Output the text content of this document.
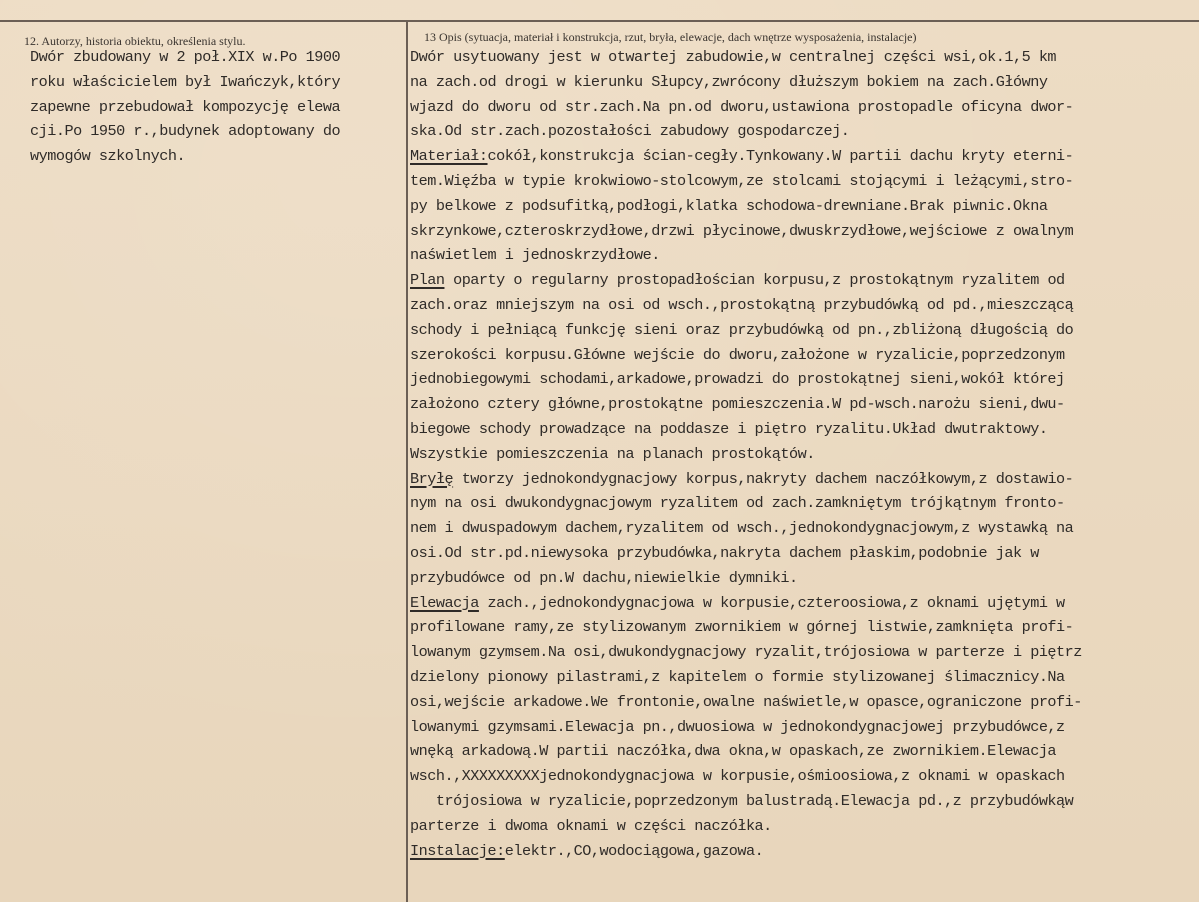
12. Autorzy, historia obiektu, określenia stylu.	13 Opis (sytuacja, materiał i konstrukcja, rzut, bryła, elewacje, dach wnętrze wysposażenia, instalacje)
Dwór zbudowany w 2 poł.XIX w.Po 1900
roku właścicielem był Iwańczyk,który
zapewne przebudował kompozycję elewa
cji.Po 1950 r.,budynek adoptowany do
wymogów szkolnych.
Dwór usytuowany jest w otwartej zabudowie,w centralnej części wsi,ok.1,5 km
na zach.od drogi w kierunku Słupcy,zwrócony dłuższym bokiem na zach.Główny
wjazd do dworu od str.zach.Na pn.od dworu,ustawiona prostopadle oficyna dwor-
ska.Od str.zach.pozostałości zabudowy gospodarczej.
Materiał:cokół,konstrukcja ścian-cegły.Tynkowany.W partii dachu kryty eterni-
tem.Więźba w typie krokwiowo-stolcowym,ze stolcami stojącymi i leżącymi,stro-
py belkowe z podsufitką,podłogi,klatka schodowa-drewniane.Brak piwnic.Okna
skrzynkowe,czteroskrzydłowe,drzwi płycinowe,dwuskrzydłowe,wejściowe z owalnym
naświetlem i jednoskrzydłowe.
Plan oparty o regularny prostopadłościan korpusu,z prostokątnym ryzalitem od
zach.oraz mniejszym na osi od wsch.,prostokątną przybudówką od pd.,mieszczącą
schody i pełniącą funkcję sieni oraz przybudówką od pn.,zbliżoną długością do
szerokości korpusu.Główne wejście do dworu,założone w ryzalicie,poprzedzonym
jednobiegowymi schodami,arkadowe,prowadzi do prostokątnej sieni,wokół której
założono cztery główne,prostokątne pomieszczenia.W pd-wsch.narożu sieni,dwu-
biegowe schody prowadzące na poddasze i piętro ryzalitu.Układ dwutraktowy.
Wszystkie pomieszczenia na planach prostokątów.
Bryłę tworzy jednokondygnacjowy korpus,nakryty dachem naczółkowym,z dostawio-
nym na osi dwukondygnacjowym ryzalitem od zach.zamkniętym trójkątnym fronto-
nem i dwuspadowym dachem,ryzalitem od wsch.,jednokondygnacjowym,z wystawką na
osi.Od str.pd.niewysoka przybudówka,nakryta dachem płaskim,podobnie jak w
przybudówce od pn.W dachu,niewielkie dymniki.
Elewacja zach.,jednokondygnacjowa w korpusie,czteroosiowa,z oknami ujętymi w
profilowane ramy,ze stylizowanym zwornikiem w górnej listwie,zamknięta profi-
lowanym gzymsem.Na osi,dwukondygnacjowy ryzalit,trójosiowa w parterze i piętrz
dzielony pionowy pilastrami,z kapitelem o formie stylizowanej ślimacznicy.Na
osi,wejście arkadowe.We frontonie,owalne naświetle,w opasce,ograniczone profi-
lowanymi gzymsami.Elewacja pn.,dwuosiowa w jednokondygnacjowej przybudówce,z
wnęką arkadową.W partii naczółka,dwa okna,w opaskach,ze zwornikiem.Elewacja
wsch.,XXXXXXXXXjednokondygnacjowa w korpusie,ośmioosiowa,z oknami w opaskach
trójosiowa w ryzalicie,poprzedzonym balustradą.Elewacja pd.,z przybudówkąw
parterze i dwoma oknami w części naczółka.
Instalacje:elektr.,CO,wodociągowa,gazowa.
